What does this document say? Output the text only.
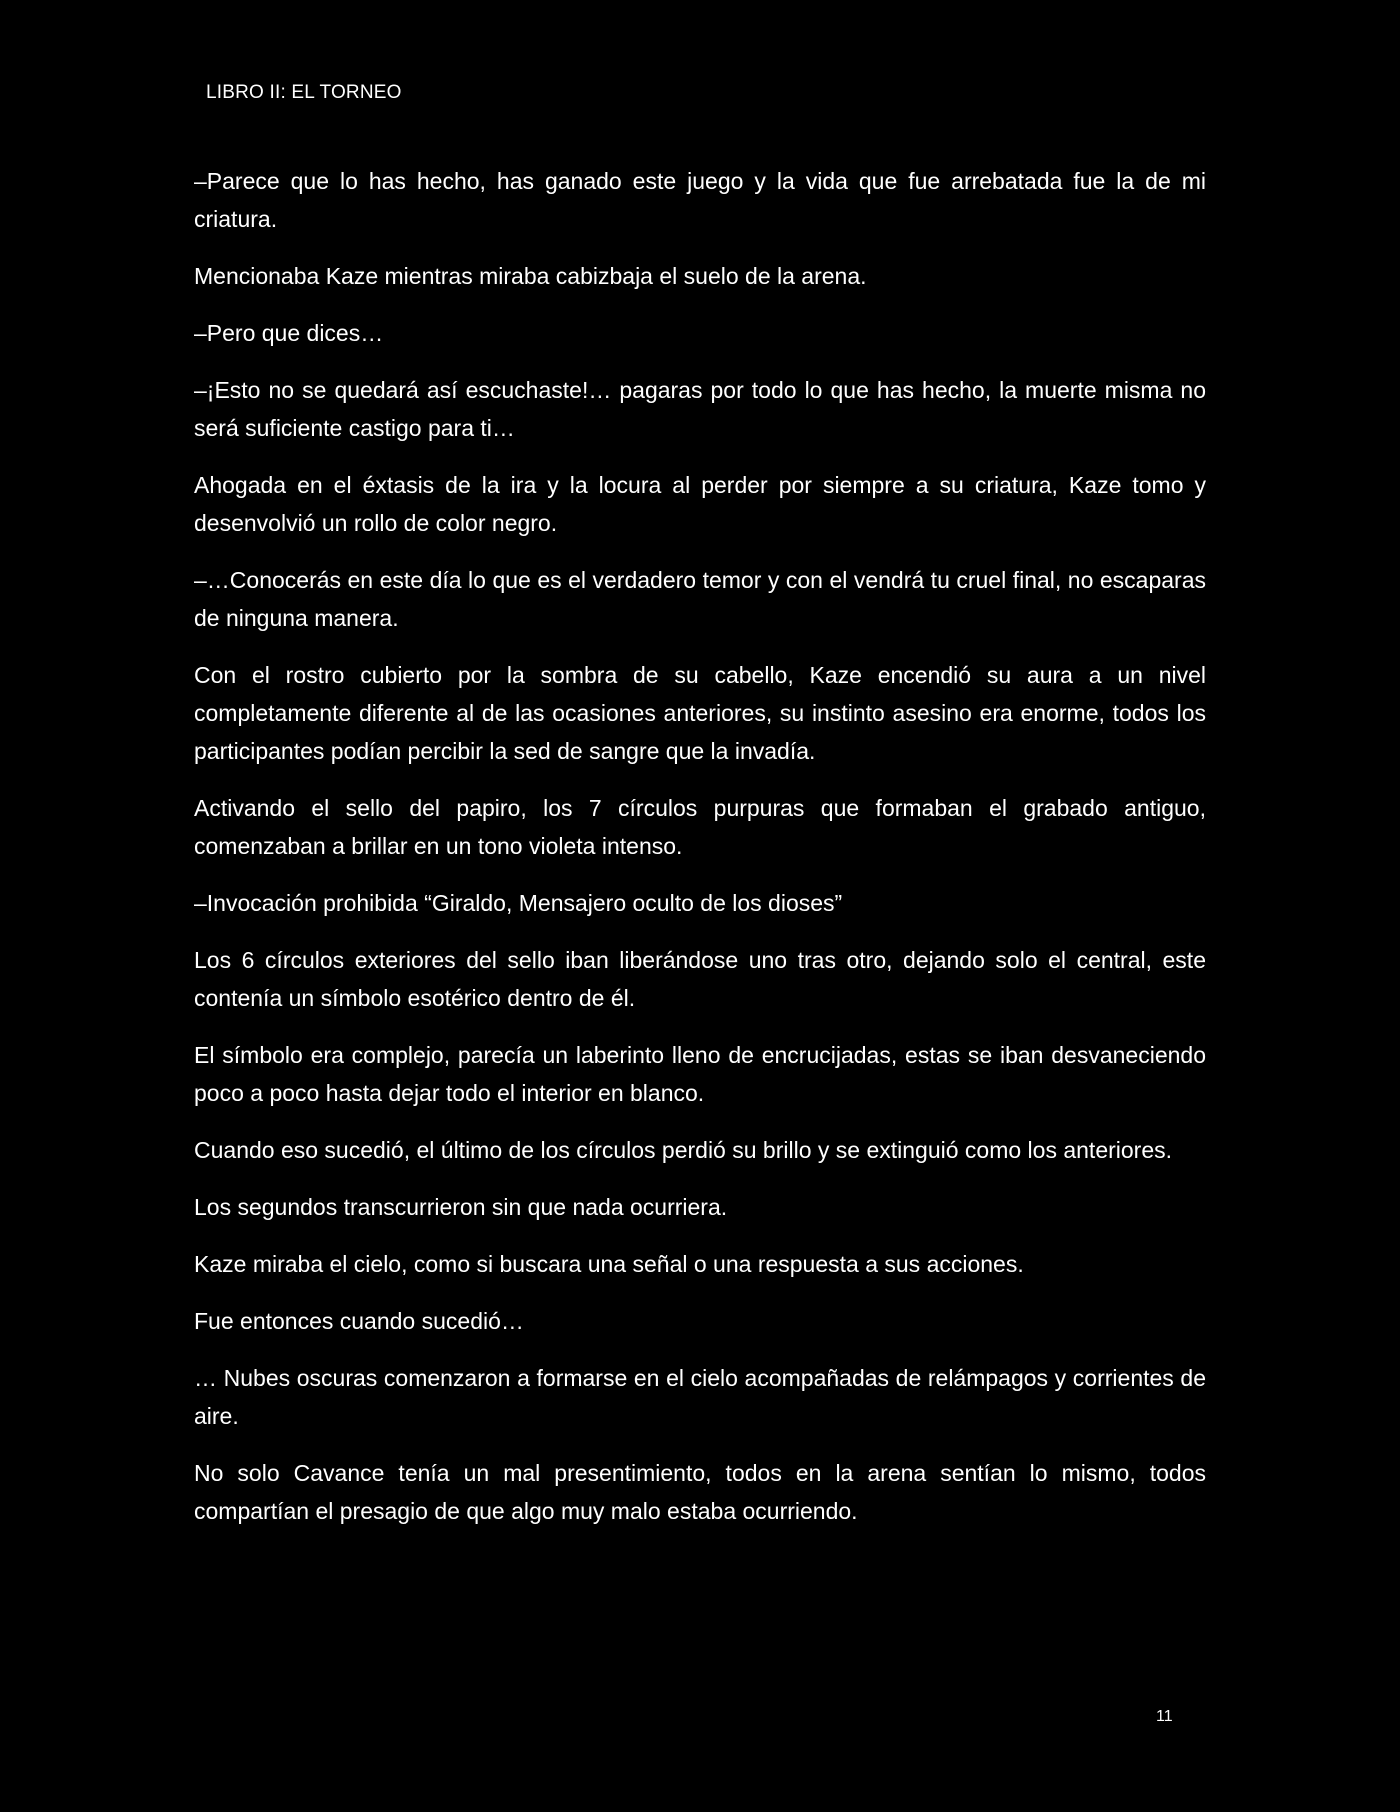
LIBRO II: EL TORNEO

–Parece que lo has hecho, has ganado este juego y la vida que fue arrebatada fue la de mi criatura.

Mencionaba Kaze mientras miraba cabizbaja el suelo de la arena.

–Pero que dices…

–¡Esto no se quedará así escuchaste!… pagaras por todo lo que has hecho, la muerte misma no será suficiente castigo para ti…

Ahogada en el éxtasis de la ira y la locura al perder por siempre a su criatura, Kaze tomo y desenvolvió un rollo de color negro.

–…Conocerás en este día lo que es el verdadero temor y con el vendrá tu cruel final, no escaparas de ninguna manera.

Con el rostro cubierto por la sombra de su cabello, Kaze encendió su aura a un nivel completamente diferente al de las ocasiones anteriores, su instinto asesino era enorme, todos los participantes podían percibir la sed de sangre que la invadía.

Activando el sello del papiro, los 7 círculos purpuras que formaban el grabado antiguo, comenzaban a brillar en un tono violeta intenso.

–Invocación prohibida “Giraldo, Mensajero oculto de los dioses”

Los 6 círculos exteriores del sello iban liberándose uno tras otro, dejando solo el central, este contenía un símbolo esotérico dentro de él.

El símbolo era complejo, parecía un laberinto lleno de encrucijadas, estas se iban desvaneciendo poco a poco hasta dejar todo el interior en blanco.

Cuando eso sucedió, el último de los círculos perdió su brillo y se extinguió como los anteriores.

Los segundos transcurrieron sin que nada ocurriera.

Kaze miraba el cielo, como si buscara una señal o una respuesta a sus acciones.

Fue entonces cuando sucedió…

… Nubes oscuras comenzaron a formarse en el cielo acompañadas de relámpagos y corrientes de aire.

No solo Cavance tenía un mal presentimiento, todos en la arena sentían lo mismo, todos compartían el presagio de que algo muy malo estaba ocurriendo.

11
